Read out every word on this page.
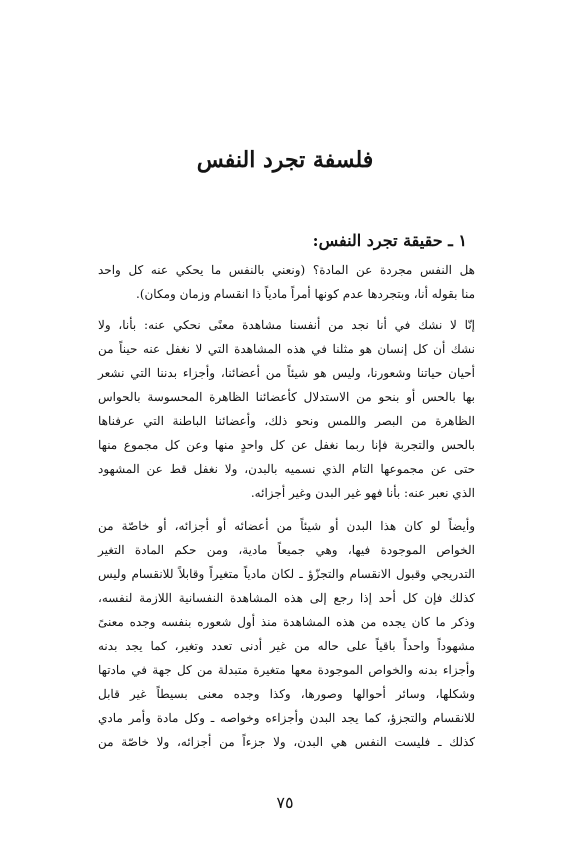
فلسفة تجرد النفس
١ ـ حقيقة تجرد النفس:
هل النفس مجردة عن المادة؟ (ونعني بالنفس ما يحكي عنه كل واحد
منا بقوله أنا، وبتجردها عدم كونها أمراً مادياً ذا انقسام وزمان ومكان).
إنّا لا نشك في أنا نجد من أنفسنا مشاهدة معنًى نحكي عنه: بأنا، ولا
نشك أن كل إنسان هو مثلنا في هذه المشاهدة التي لا نغفل عنه حيناً من
أحيان حياتنا وشعورنا، وليس هو شيئاً من أعضائنا، وأجزاء بدننا التي نشعر
بها بالحس أو بنحو من الاستدلال كأعضائنا الظاهرة المحسوسة بالحواس
الظاهرة من البصر واللمس ونحو ذلك، وأعضائنا الباطنة التي عرفناها
بالحس والتجربة فإنا ربما نغفل عن كل واحدٍ منها وعن كل مجموع منها
حتى عن مجموعها التام الذي نسميه بالبدن، ولا نغفل قط عن المشهود
الذي نعبر عنه: بأنا فهو غير البدن وغير أجزائه.
وأيضاً لو كان هذا البدن أو شيئاً من أعضائه أو أجزائه، أو خاصّة من
الخواص الموجودة فيها، وهي جميعاً مادية، ومن حكم المادة التغير
التدريجي وقبول الانقسام والتجزّؤ ـ لكان مادياً متغيراً وقابلاً للانقسام وليس
كذلك فإن كل أحد إذا رجع إلى هذه المشاهدة النفسانية اللازمة لنفسه،
وذكر ما كان يجده من هذه المشاهدة منذ أول شعوره بنفسه وجده معنىً
مشهوداً واحداً باقياً على حاله من غير أدنى تعدد وتغير، كما يجد بدنه
وأجزاء بدنه والخواص الموجودة معها متغيرة متبدلة من كل جهة في مادتها
وشكلها، وسائر أحوالها وصورها، وكذا وجده معنى بسيطاً غير قابل
للانقسام والتجزؤ، كما يجد البدن وأجزاءه وخواصه ـ وكل مادة وأمر مادي
كذلك ـ فليست النفس هي البدن، ولا جزءاً من أجزائه، ولا خاصّة من
٧٥
